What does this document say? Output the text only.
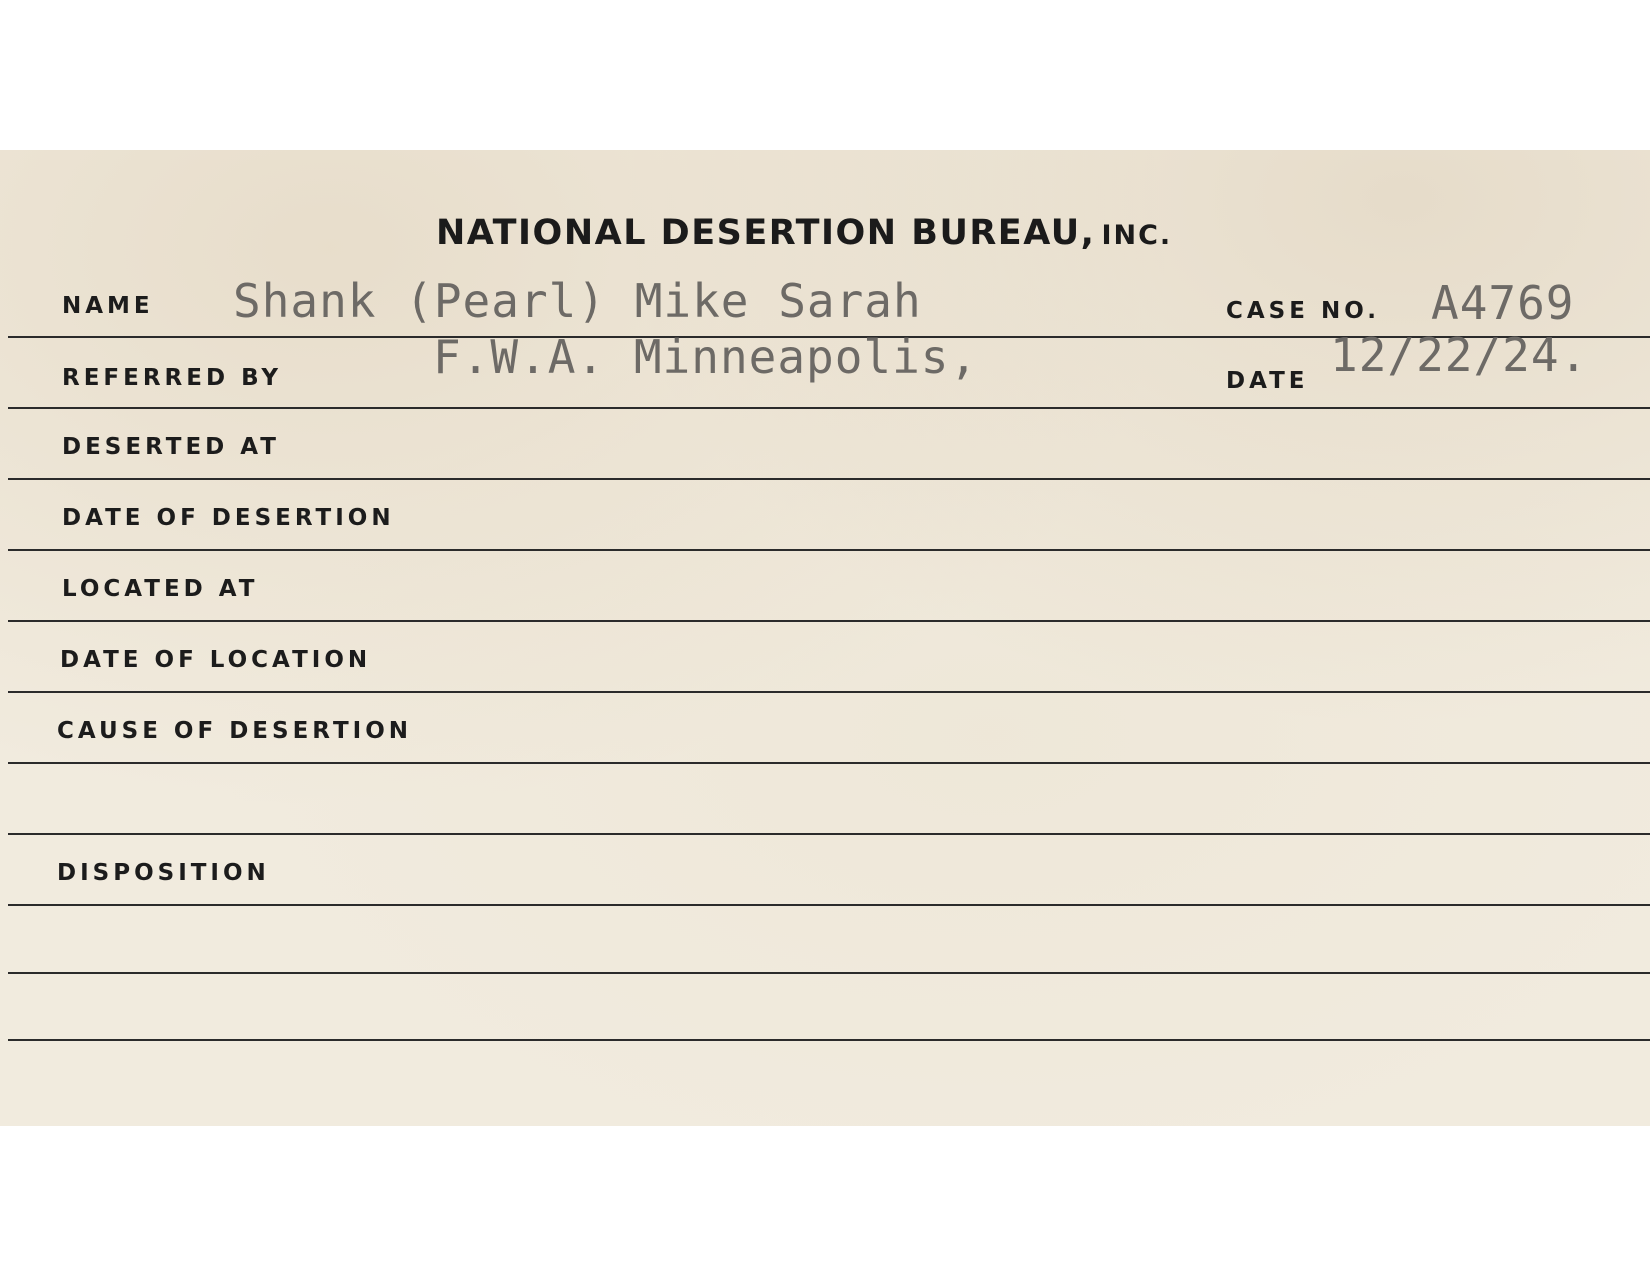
NATIONAL DESERTION BUREAU, INC.
NAME Shank (Pearl) Mike Sarah	CASE NO. A4769
REFERRED BY	F.W.A. Minneapolis,	DATE 12/22/24.
DESERTED AT
DATE OF DESERTION
LOCATED AT
DATE OF LOCATION
CAUSE OF DESERTION
DISPOSITION
